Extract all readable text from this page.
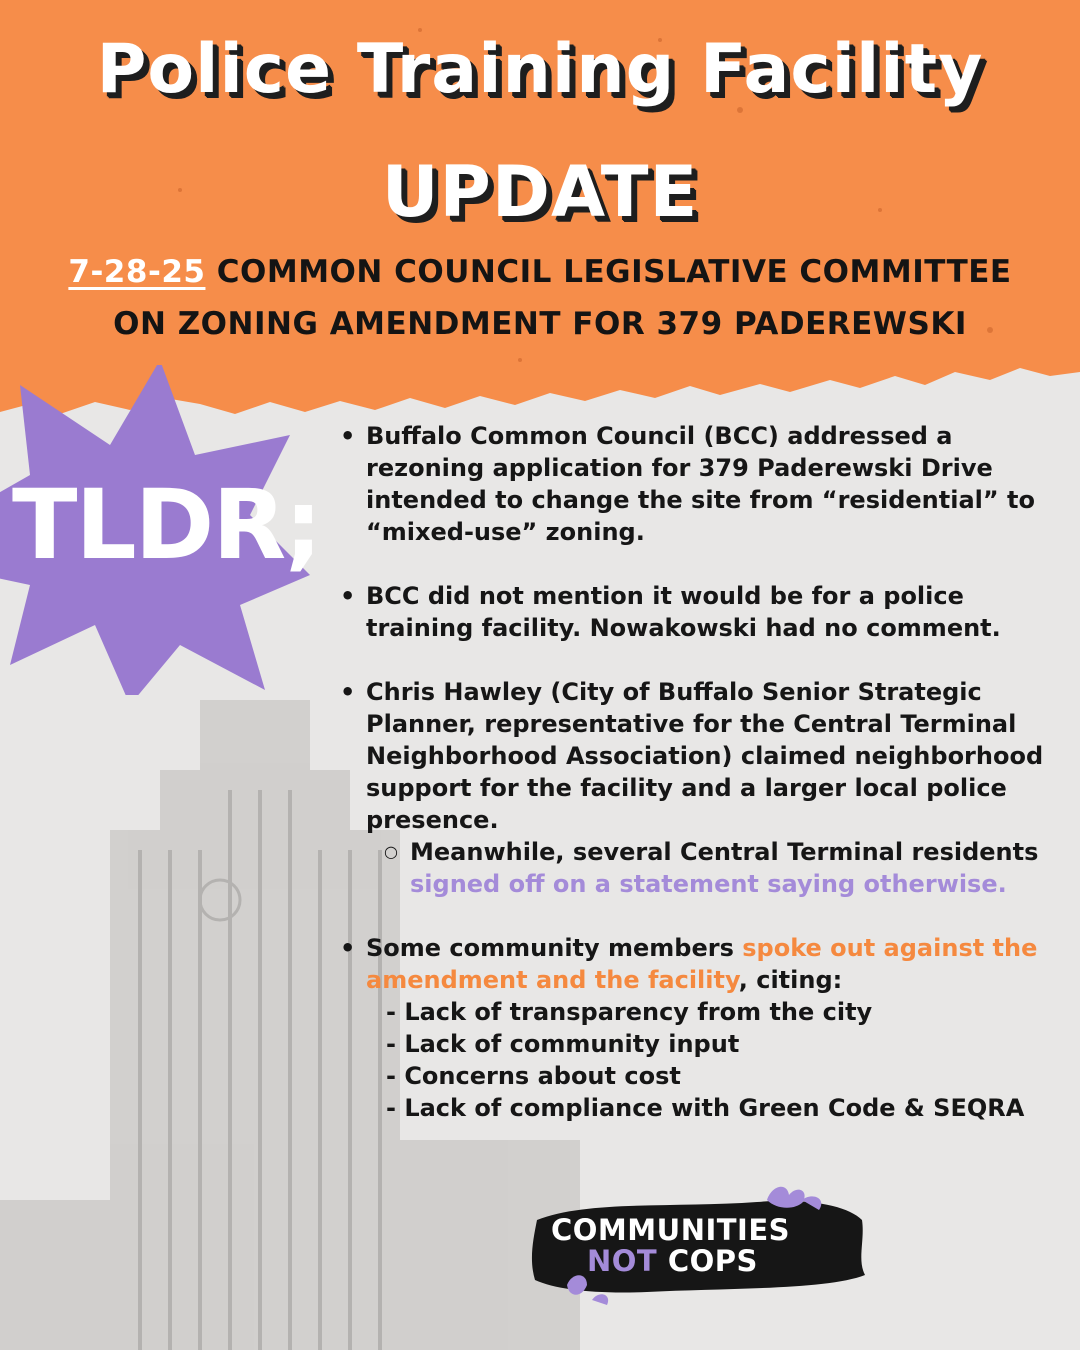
Police Training Facility
UPDATE
7-28-25 COMMON COUNCIL LEGISLATIVE COMMITTEE
ON ZONING AMENDMENT FOR 379 PADEREWSKI
TLDR;

• Buffalo Common Council (BCC) addressed a rezoning application for 379 Paderewski Drive intended to change the site from “residential” to “mixed-use” zoning.

• BCC did not mention it would be for a police training facility. Nowakowski had no comment.

• Chris Hawley (City of Buffalo Senior Strategic Planner, representative for the Central Terminal Neighborhood Association) claimed neighborhood support for the facility and a larger local police presence.

○ Meanwhile, several Central Terminal residents signed off on a statement saying otherwise.

• Some community members spoke out against the amendment and the facility, citing:

- Lack of transparency from the city

- Lack of community input

- Concerns about cost

- Lack of compliance with Green Code & SEQRA

COMMUNITIES
NOT COPS
